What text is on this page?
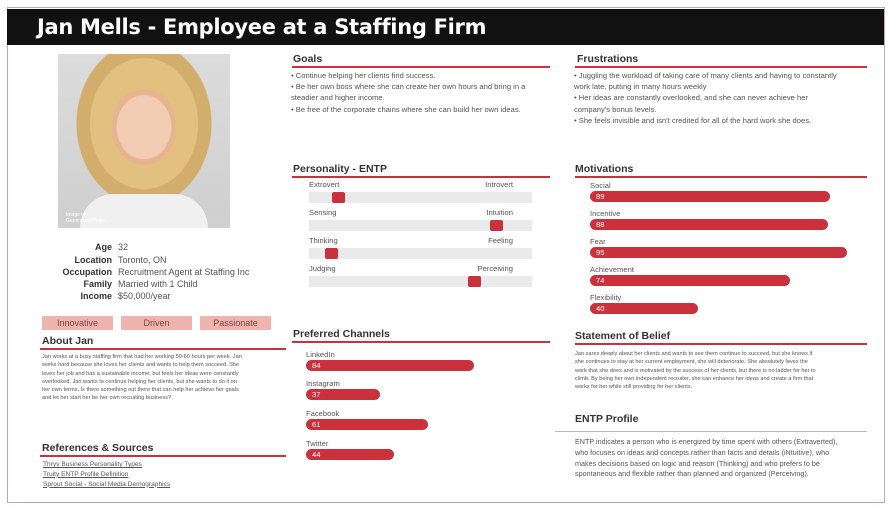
Jan Mells - Employee at a Staffing Firm
Image of
Generated Photos
Age 32
Location Toronto, ON
Occupation Recruitment Agent at Staffing Inc
Family Married with 1 Child
Income $50,000/year
Innovative	Driven	Passionate
About Jan
Jan works at a busy staffing firm that had her working 50-60 hours per week. Jan
works hard because she loves her clients and wants to help them succeed. She
loves her job and has a sustainable income, but feels her ideas were constantly
overlooked. Jan wants to continue helping her clients, but she wants to do it on
her own terms. Is there something out there that can help her achieve her goals
and let her start her be her own recruiting business?
References & Sources
Thryv Business Personality Types
Truity ENTP Profile Definition
Sprout Social - Social Media Demographics
Goals
• Continue helping her clients find success.
• Be her own boss where she can create her own hours and bring in a
steadier and higher income.
• Be free of the corporate chains where she can build her own ideas.
Frustrations
• Juggling the workload of taking care of many clients and having to constantly
work late, putting in many hours weekly
• Her ideas are constantly overlooked, and she can never achieve her
company's bonus levels.
• She feels invisible and isn't credited for all of the hard work she does.
Personality - ENTP	Motivations
Preferred Channels	Statement of Belief
Jan cares deeply about her clients and wants to see them continue to succeed, but she knows if
she continues to stay at her current employment, she will deteriorate. She absolutely loves the
work that she does and is motivated by the success of her clients, but there is no ladder for her to
climb. By being her own independent recruiter, she can enhance her ideas and create a firm that
works for her while still providing for her clients.
ENTP Profile
ENTP indicates a person who is energized by time spent with others (Extraverted),
who focuses on ideas and concepts rather than facts and details (iNtuitive), who
makes decisions based on logic and reason (Thinking) and who prefers to be
spontaneous and flexible rather than planned and organized (Perceiving).
Extrovert	Introvert
Sensing	Intuition
Thinking	Feeling
Judging	Perceiving
Social
89
Incentive
88
Fear
95
Achievement
74
Flexibility
40
LinkedIn
84
Instagram
37
Facebook
61
Twitter
44
